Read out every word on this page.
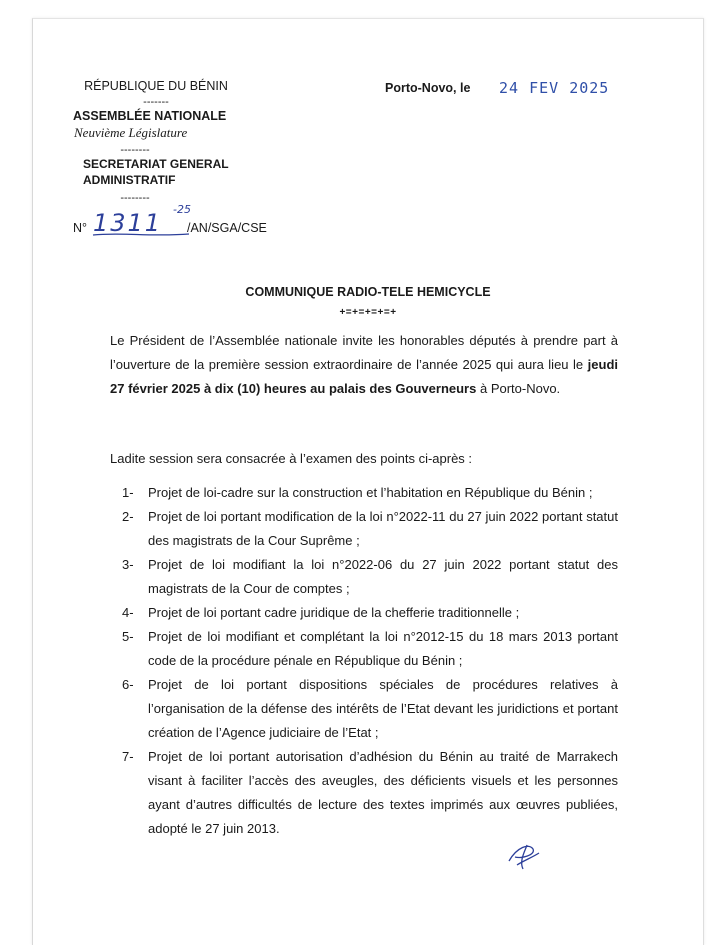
RÉPUBLIQUE DU BÉNIN
-------
ASSEMBLÉE NATIONALE
Neuvième Législature
--------
SECRETARIAT GENERAL
ADMINISTRATIF
--------
N° 1311 -25
/AN/SGA/CSE
Porto-Novo, le 24 FEV 2025
COMMUNIQUE RADIO-TELE HEMICYCLE
+=+=+=+=+
Le Président de l’Assemblée nationale invite les honorables députés à prendre part à l’ouverture de la première session extraordinaire de l’année 2025 qui aura lieu le jeudi 27 février 2025 à dix (10) heures au palais des Gouverneurs à Porto-Novo.
Ladite session sera consacrée à l’examen des points ci-après :
1- Projet de loi-cadre sur la construction et l’habitation en République du Bénin ;
2- Projet de loi portant modification de la loi n°2022-11 du 27 juin 2022 portant statut des magistrats de la Cour Suprême ;
3- Projet de loi modifiant la loi n°2022-06 du 27 juin 2022 portant statut des magistrats de la Cour de comptes ;
4- Projet de loi portant cadre juridique de la chefferie traditionnelle ;
5- Projet de loi modifiant et complétant la loi n°2012-15 du 18 mars 2013 portant code de la procédure pénale en République du Bénin ;
6- Projet de loi portant dispositions spéciales de procédures relatives à l’organisation de la défense des intérêts de l’Etat devant les juridictions et portant création de l’Agence judiciaire de l’Etat ;
7- Projet de loi portant autorisation d’adhésion du Bénin au traité de Marrakech visant à faciliter l’accès des aveugles, des déficients visuels et les personnes ayant d’autres difficultés de lecture des textes imprimés aux œuvres publiées, adopté le 27 juin 2013.
